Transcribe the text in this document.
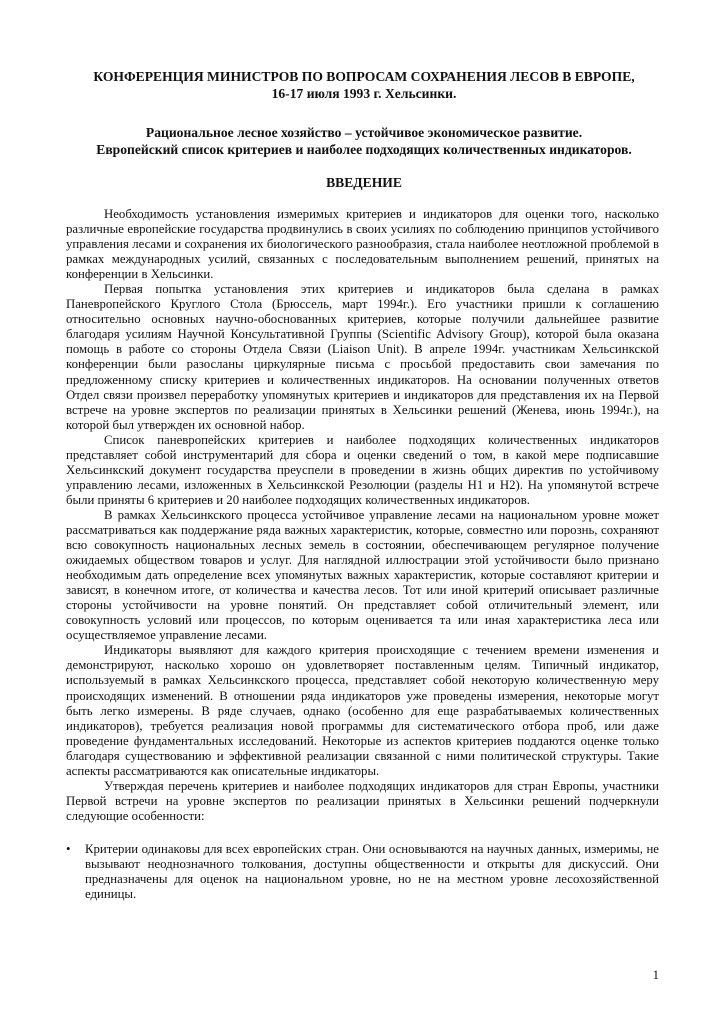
КОНФЕРЕНЦИЯ МИНИСТРОВ ПО ВОПРОСАМ СОХРАНЕНИЯ ЛЕСОВ В ЕВРОПЕ,

16-17 июля 1993 г. Хельсинки.

Рациональное лесное хозяйство – устойчивое экономическое развитие.

Европейский список критериев и наиболее подходящих количественных индикаторов.

ВВЕДЕНИЕ

Необходимость установления измеримых критериев и индикаторов для оценки того, насколько различные европейские государства продвинулись в своих усилиях по соблюдению принципов устойчивого управления лесами и сохранения их биологического разнообразия, стала наиболее неотложной проблемой в рамках международных усилий, связанных с последовательным выполнением решений, принятых на конференции в Хельсинки.

Первая попытка установления этих критериев и индикаторов была сделана в рамках Паневропейского Круглого Стола (Брюссель, март 1994г.). Его участники пришли к соглашению относительно основных научно-обоснованных критериев, которые получили дальнейшее развитие благодаря усилиям Научной Консультативной Группы (Scientific Advisory Group), которой была оказана помощь в работе со стороны Отдела Связи (Liaison Unit). В апреле 1994г. участникам Хельсинкской конференции были разосланы циркулярные письма с просьбой предоставить свои замечания по предложенному списку критериев и количественных индикаторов. На основании полученных ответов Отдел связи произвел переработку упомянутых критериев и индикаторов для представления их на Первой встрече на уровне экспертов по реализации принятых в Хельсинки решений (Женева, июнь 1994г.), на которой был утвержден их основной набор.

Список паневропейских критериев и наиболее подходящих количественных индикаторов представляет собой инструментарий для сбора и оценки сведений о том, в какой мере подписавшие Хельсинкский документ государства преуспели в проведении в жизнь общих директив по устойчивому управлению лесами, изложенных в Хельсинкской Резолюции (разделы H1 и H2). На упомянутой встрече были приняты 6 критериев и 20 наиболее подходящих количественных индикаторов.

В рамках Хельсинкского процесса устойчивое управление лесами на национальном уровне может рассматриваться как поддержание ряда важных характеристик, которые, совместно или порознь, сохраняют всю совокупность национальных лесных земель в состоянии, обеспечивающем регулярное получение ожидаемых обществом товаров и услуг. Для наглядной иллюстрации этой устойчивости было признано необходимым дать определение всех упомянутых важных характеристик, которые составляют критерии и зависят, в конечном итоге, от количества и качества лесов. Тот или иной критерий описывает различные стороны устойчивости на уровне понятий. Он представляет собой отличительный элемент, или совокупность условий или процессов, по которым оценивается та или иная характеристика леса или осуществляемое управление лесами.

Индикаторы выявляют для каждого критерия происходящие с течением времени изменения и демонстрируют, насколько хорошо он удовлетворяет поставленным целям. Типичный индикатор, используемый в рамках Хельсинкского процесса, представляет собой некоторую количественную меру происходящих изменений. В отношении ряда индикаторов уже проведены измерения, некоторые могут быть легко измерены. В ряде случаев, однако (особенно для еще разрабатываемых количественных индикаторов), требуется реализация новой программы для систематического отбора проб, или даже проведение фундаментальных исследований. Некоторые из аспектов критериев поддаются оценке только благодаря существованию и эффективной реализации связанной с ними политической структуры. Такие аспекты рассматриваются как описательные индикаторы.

Утверждая перечень критериев и наиболее подходящих индикаторов для стран Европы, участники Первой встречи на уровне экспертов по реализации принятых в Хельсинки решений подчеркнули следующие особенности:

• Критерии одинаковы для всех европейских стран. Они основываются на научных данных, измеримы, не вызывают неоднозначного толкования, доступны общественности и открыты для дискуссий. Они предназначены для оценок на национальном уровне, но не на местном уровне лесохозяйственной единицы.
1
